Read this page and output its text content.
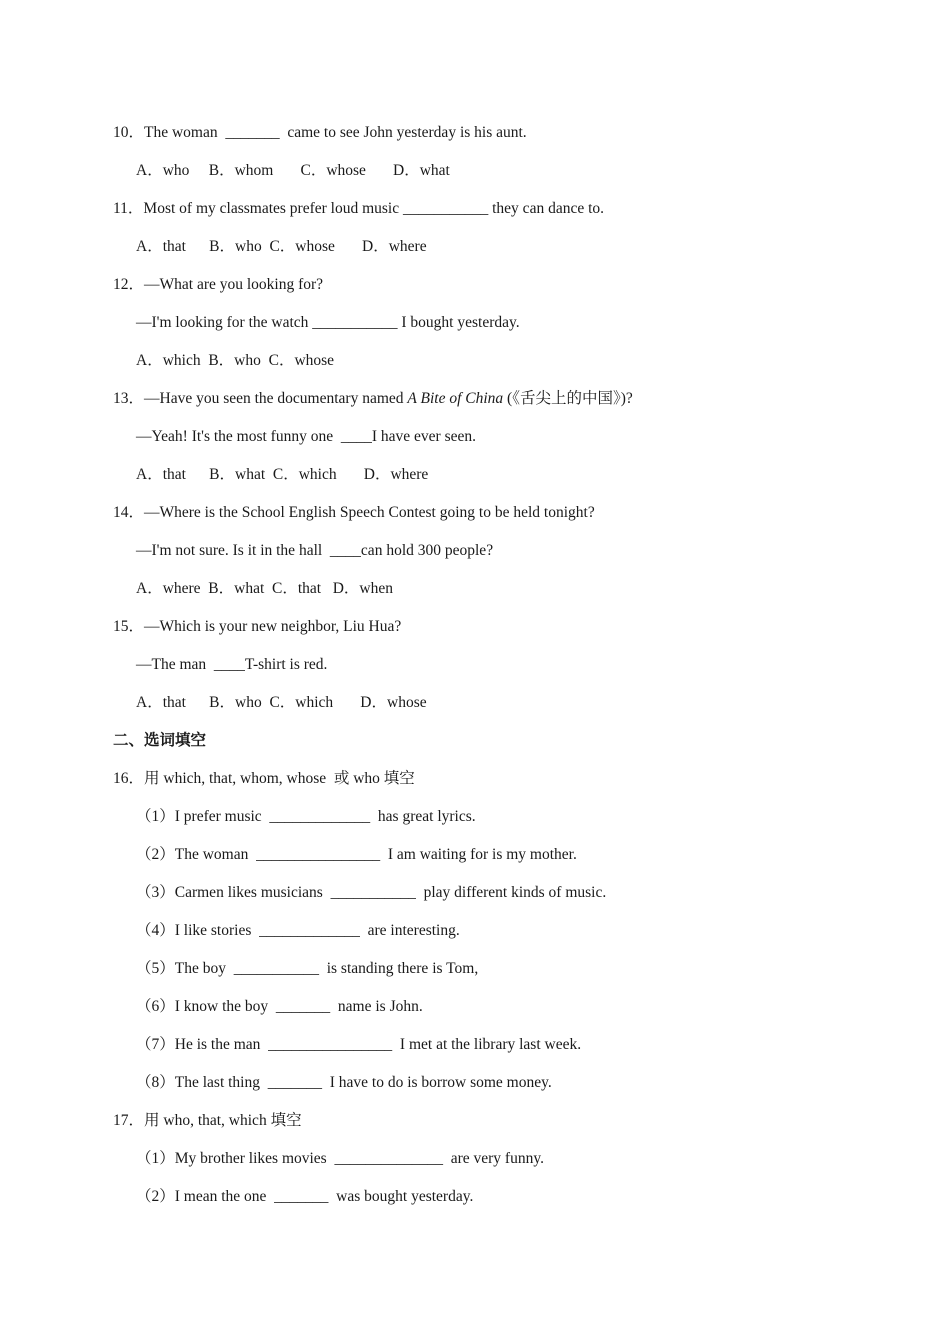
10．The woman  _______  came to see John yesterday is his aunt.
A．who     B．whom       C．whose       D．what
11．Most of my classmates prefer loud music ___________ they can dance to.
A．that      B．who  C．whose       D．where
12．—What are you looking for?
—I'm looking for the watch ___________ I bought yesterday.
A．which  B．who  C．whose
13．—Have you seen the documentary named A Bite of China (《舌尖上的中国》)?
—Yeah! It's the most funny one  ____I have ever seen.
A．that      B．what  C．which       D．where
14．—Where is the School English Speech Contest going to be held tonight?
—I'm not sure. Is it in the hall  ____can hold 300 people?
A．where  B．what  C．that   D．when
15．—Which is your new neighbor, Liu Hua?
—The man  ____T-shirt is red.
A．that      B．who  C．which       D．whose
二、选词填空
16．用 which, that, whom, whose  或 who 填空
（1）I prefer music  _____________  has great lyrics.
（2）The woman  ________________  I am waiting for is my mother.
（3）Carmen likes musicians  ___________  play different kinds of music.
（4）I like stories  _____________  are interesting.
（5）The boy  ___________  is standing there is Tom,
（6）I know the boy  _______  name is John.
（7）He is the man  ________________  I met at the library last week.
（8）The last thing  _______  I have to do is borrow some money.
17．用 who, that, which 填空
（1）My brother likes movies  ______________  are very funny.
（2）I mean the one  _______  was bought yesterday.
